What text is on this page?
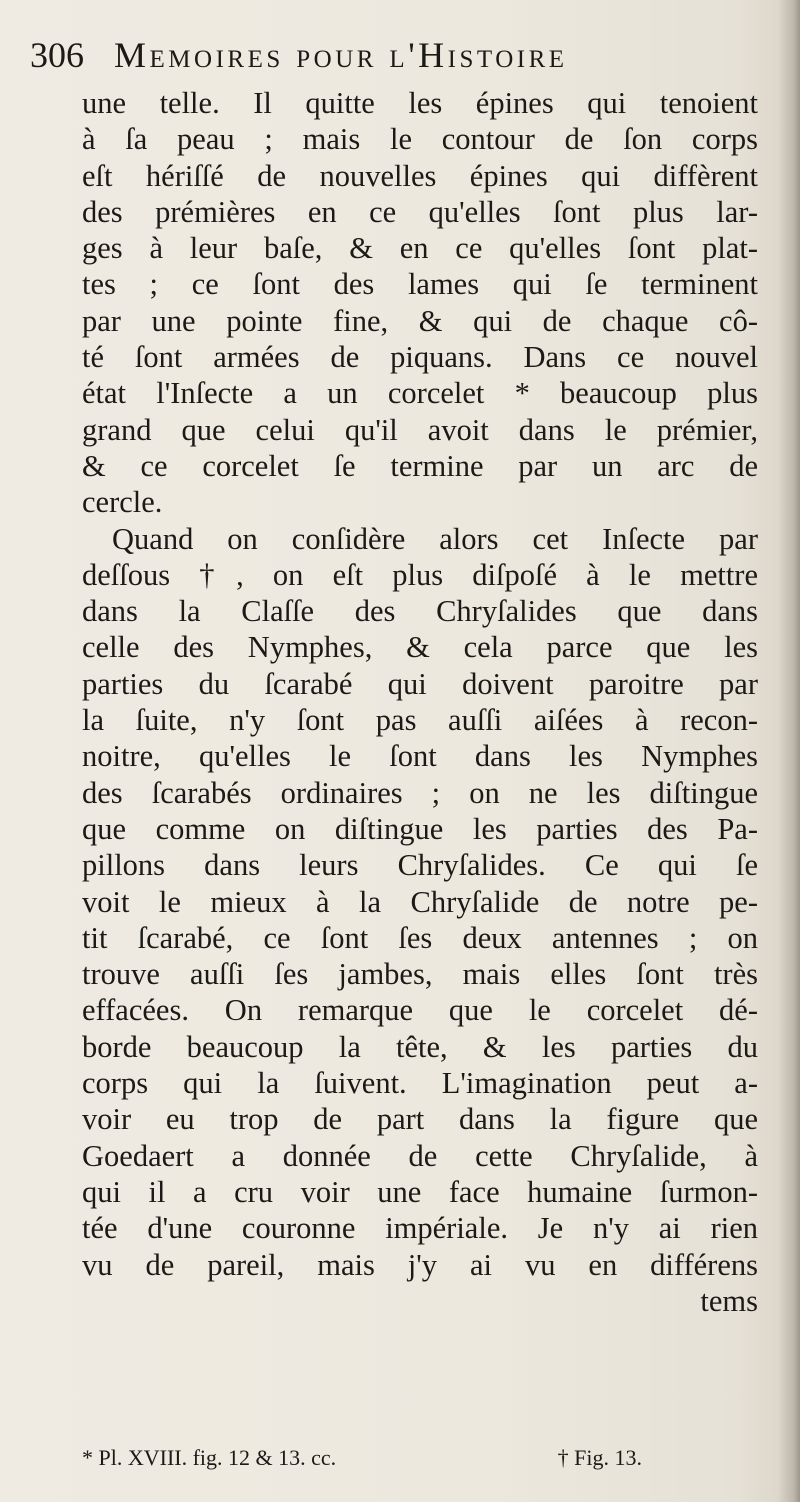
306 Memoires pour l'Histoire
une telle. Il quitte les épines qui tenoient
à ſa peau ; mais le contour de ſon corps
eſt hériſſé de nouvelles épines qui diffèrent
des prémières en ce qu'elles ſont plus lar-
ges à leur baſe, & en ce qu'elles ſont plat-
tes ; ce ſont des lames qui ſe terminent
par une pointe fine, & qui de chaque cô-
té ſont armées de piquans. Dans ce nouvel
état l'Inſecte a un corcelet * beaucoup plus
grand que celui qu'il avoit dans le prémier,
& ce corcelet ſe termine par un arc de
cercle.
Quand on conſidère alors cet Inſecte par
deſſous †, on eſt plus diſpoſé à le mettre
dans la Claſſe des Chryſalides que dans
celle des Nymphes, & cela parce que les
parties du ſcarabé qui doivent paroitre par
la ſuite, n'y ſont pas auſſi aiſées à recon-
noitre, qu'elles le ſont dans les Nymphes
des ſcarabés ordinaires ; on ne les diſtingue
que comme on diſtingue les parties des Pa-
pillons dans leurs Chryſalides. Ce qui ſe
voit le mieux à la Chryſalide de notre pe-
tit ſcarabé, ce ſont ſes deux antennes ; on
trouve auſſi ſes jambes, mais elles ſont très
effacées. On remarque que le corcelet dé-
borde beaucoup la tête, & les parties du
corps qui la ſuivent. L'imagination peut a-
voir eu trop de part dans la figure que
Goedaert a donnée de cette Chryſalide, à
qui il a cru voir une face humaine ſurmon-
tée d'une couronne impériale. Je n'y ai rien
vu de pareil, mais j'y ai vu en différens
tems
* Pl. XVIII. fig. 12 & 13. cc.	† Fig. 13.
